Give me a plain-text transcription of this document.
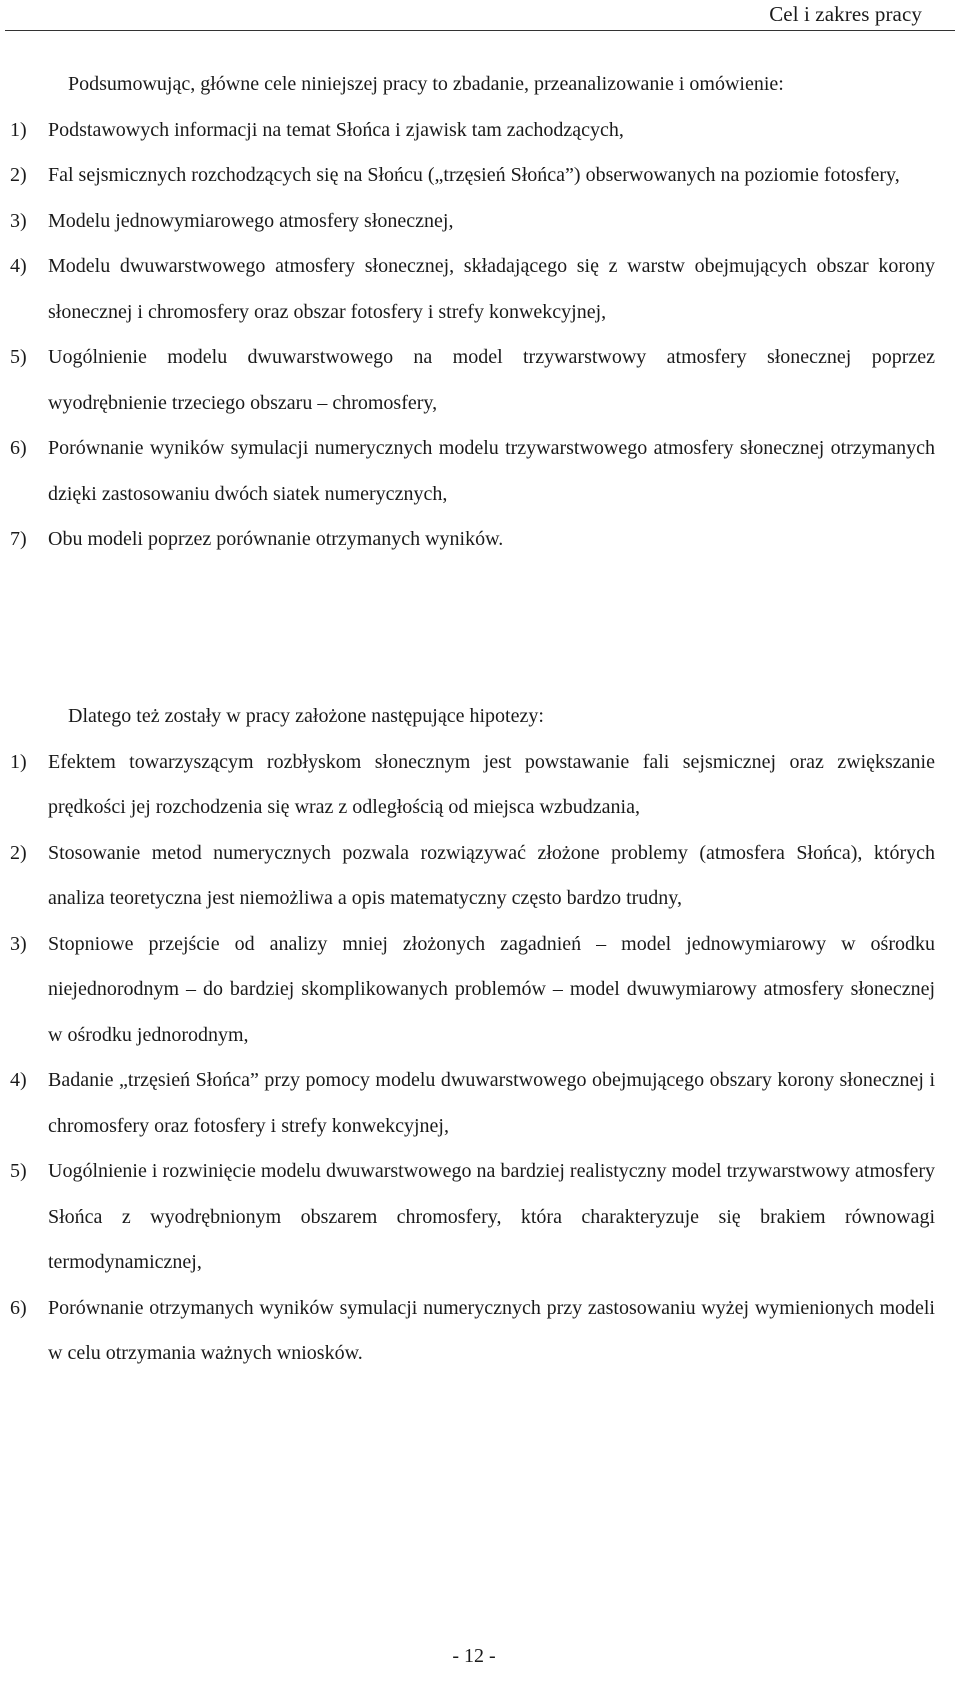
Cel i zakres pracy

Podsumowując, główne cele niniejszej pracy to zbadanie, przeanalizowanie i omówienie:

1) Podstawowych informacji na temat Słońca i zjawisk tam zachodzących,
2) Fal sejsmicznych rozchodzących się na Słońcu („trzęsień Słońca”) obserwowanych na poziomie fotosfery,
3) Modelu jednowymiarowego atmosfery słonecznej,
4) Modelu dwuwarstwowego atmosfery słonecznej, składającego się z warstw obejmujących obszar korony słonecznej i chromosfery oraz obszar fotosfery i strefy konwekcyjnej,
5) Uogólnienie modelu dwuwarstwowego na model trzywarstwowy atmosfery słonecznej poprzez wyodrębnienie trzeciego obszaru – chromosfery,
6) Porównanie wyników symulacji numerycznych modelu trzywarstwowego atmosfery słonecznej otrzymanych dzięki zastosowaniu dwóch siatek numerycznych,
7) Obu modeli poprzez porównanie otrzymanych wyników.

Dlatego też zostały w pracy założone następujące hipotezy:

1) Efektem towarzyszącym rozbłyskom słonecznym jest powstawanie fali sejsmicznej oraz zwiększanie prędkości jej rozchodzenia się wraz z odległością od miejsca wzbudzania,
2) Stosowanie metod numerycznych pozwala rozwiązywać złożone problemy (atmosfera Słońca), których analiza teoretyczna jest niemożliwa a opis matematyczny często bardzo trudny,
3) Stopniowe przejście od analizy mniej złożonych zagadnień – model jednowymiarowy w ośrodku niejednorodnym – do bardziej skomplikowanych problemów – model dwuwymiarowy atmosfery słonecznej w ośrodku jednorodnym,
4) Badanie „trzęsień Słońca” przy pomocy modelu dwuwarstwowego obejmującego obszary korony słonecznej i chromosfery oraz fotosfery i strefy konwekcyjnej,
5) Uogólnienie i rozwinięcie modelu dwuwarstwowego na bardziej realistyczny model trzywarstwowy atmosfery Słońca z wyodrębnionym obszarem chromosfery, która charakteryzuje się brakiem równowagi termodynamicznej,
6) Porównanie otrzymanych wyników symulacji numerycznych przy zastosowaniu wyżej wymienionych modeli w celu otrzymania ważnych wniosków.
- 12 -
